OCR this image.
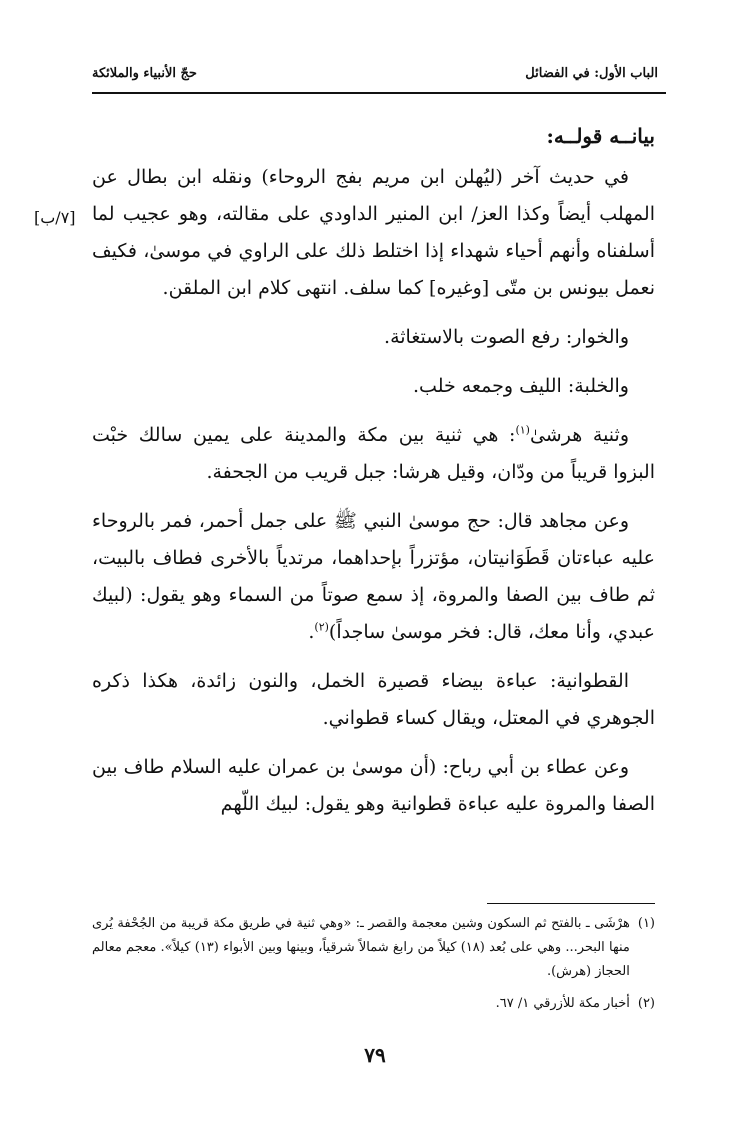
الباب الأول: في الفضائل
حجّ الأنبياء والملائكة
[٧/ب]

بيانــه قولــه:

في حديث آخر (ليُهلن ابن مريم بفج الروحاء) ونقله ابن بطال عن المهلب أيضاً وكذا العز/ ابن المنير الداودي على مقالته، وهو عجيب لما أسلفناه وأنهم أحياء شهداء إذا اختلط ذلك على الراوي في موسىٰ، فكيف نعمل بيونس بن متّى [وغيره] كما سلف. انتهى كلام ابن الملقن.

والخوار: رفع الصوت بالاستغاثة.

والخلبة: الليف وجمعه خلب.

وثنية هرشىٰ$^{(١)}$: هي ثنية بين مكة والمدينة على يمين سالك خبْت البزوا قريباً من ودّان، وقيل هرشا: جبل قريب من الجحفة.

وعن مجاهد قال: حج موسىٰ النبي ﷺ على جمل أحمر، فمر بالروحاء عليه عباءتان قَطَوَانيتان، مؤتزراً بإحداهما، مرتدياً بالأخرى فطاف بالبيت، ثم طاف بين الصفا والمروة، إذ سمع صوتاً من السماء وهو يقول: (لبيك عبدي، وأنا معك، قال: فخر موسىٰ ساجداً)$^{(٢)}$.

القطوانية: عباءة بيضاء قصيرة الخمل، والنون زائدة، هكذا ذكره الجوهري في المعتل، ويقال كساء قطواني.

وعن عطاء بن أبي رباح: (أن موسىٰ بن عمران عليه السلام طاف بين الصفا والمروة عليه عباءة قطوانية وهو يقول: لبيك اللّهم

(١)
هرْشَى ـ بالفتح ثم السكون وشين معجمة والقصر ـ: «وهي ثنية في طريق مكة قريبة من الجُحْفة يُرى منها البحر... وهي على بُعد (١٨) كيلاً من رابغ شمالاً شرقياً، وبينها وبين الأبواء (١٣) كيلاً». معجم معالم الحجاز (هرش).
(٢)
أخبار مكة للأزرقي ١/ ٦٧.
٧٩
